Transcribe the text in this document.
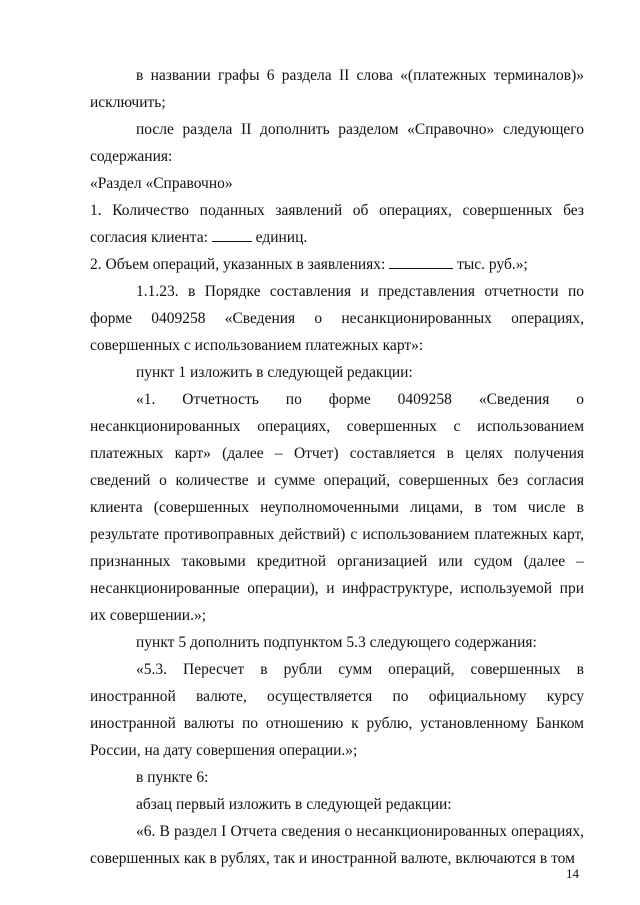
в названии графы 6 раздела II слова «(платежных терминалов)» исключить;

после раздела II дополнить разделом «Справочно» следующего содержания:

«Раздел «Справочно»

1. Количество поданных заявлений об операциях, совершенных без согласия клиента:	единиц.

2. Объем операций, указанных в заявлениях:	тыс. руб.»;

1.1.23. в Порядке составления и представления отчетности по форме 0409258 «Сведения о несанкционированных операциях, совершенных с использованием платежных карт»:

пункт 1 изложить в следующей редакции:

«1. Отчетность по форме 0409258 «Сведения о несанкционированных операциях, совершенных с использованием платежных карт» (далее – Отчет) составляется в целях получения сведений о количестве и сумме операций, совершенных без согласия клиента (совершенных неуполномоченными лицами, в том числе в результате противоправных действий) с использованием платежных карт, признанных таковыми кредитной организацией или судом (далее – несанкционированные операции), и инфраструктуре, используемой при их совершении.»;

пункт 5 дополнить подпунктом 5.3 следующего содержания:

«5.3. Пересчет в рубли сумм операций, совершенных в иностранной валюте, осуществляется по официальному курсу иностранной валюты по отношению к рублю, установленному Банком России, на дату совершения операции.»;

в пункте 6:

абзац первый изложить в следующей редакции:

«6. В раздел I Отчета сведения о несанкционированных операциях, совершенных как в рублях, так и иностранной валюте, включаются в том

14
